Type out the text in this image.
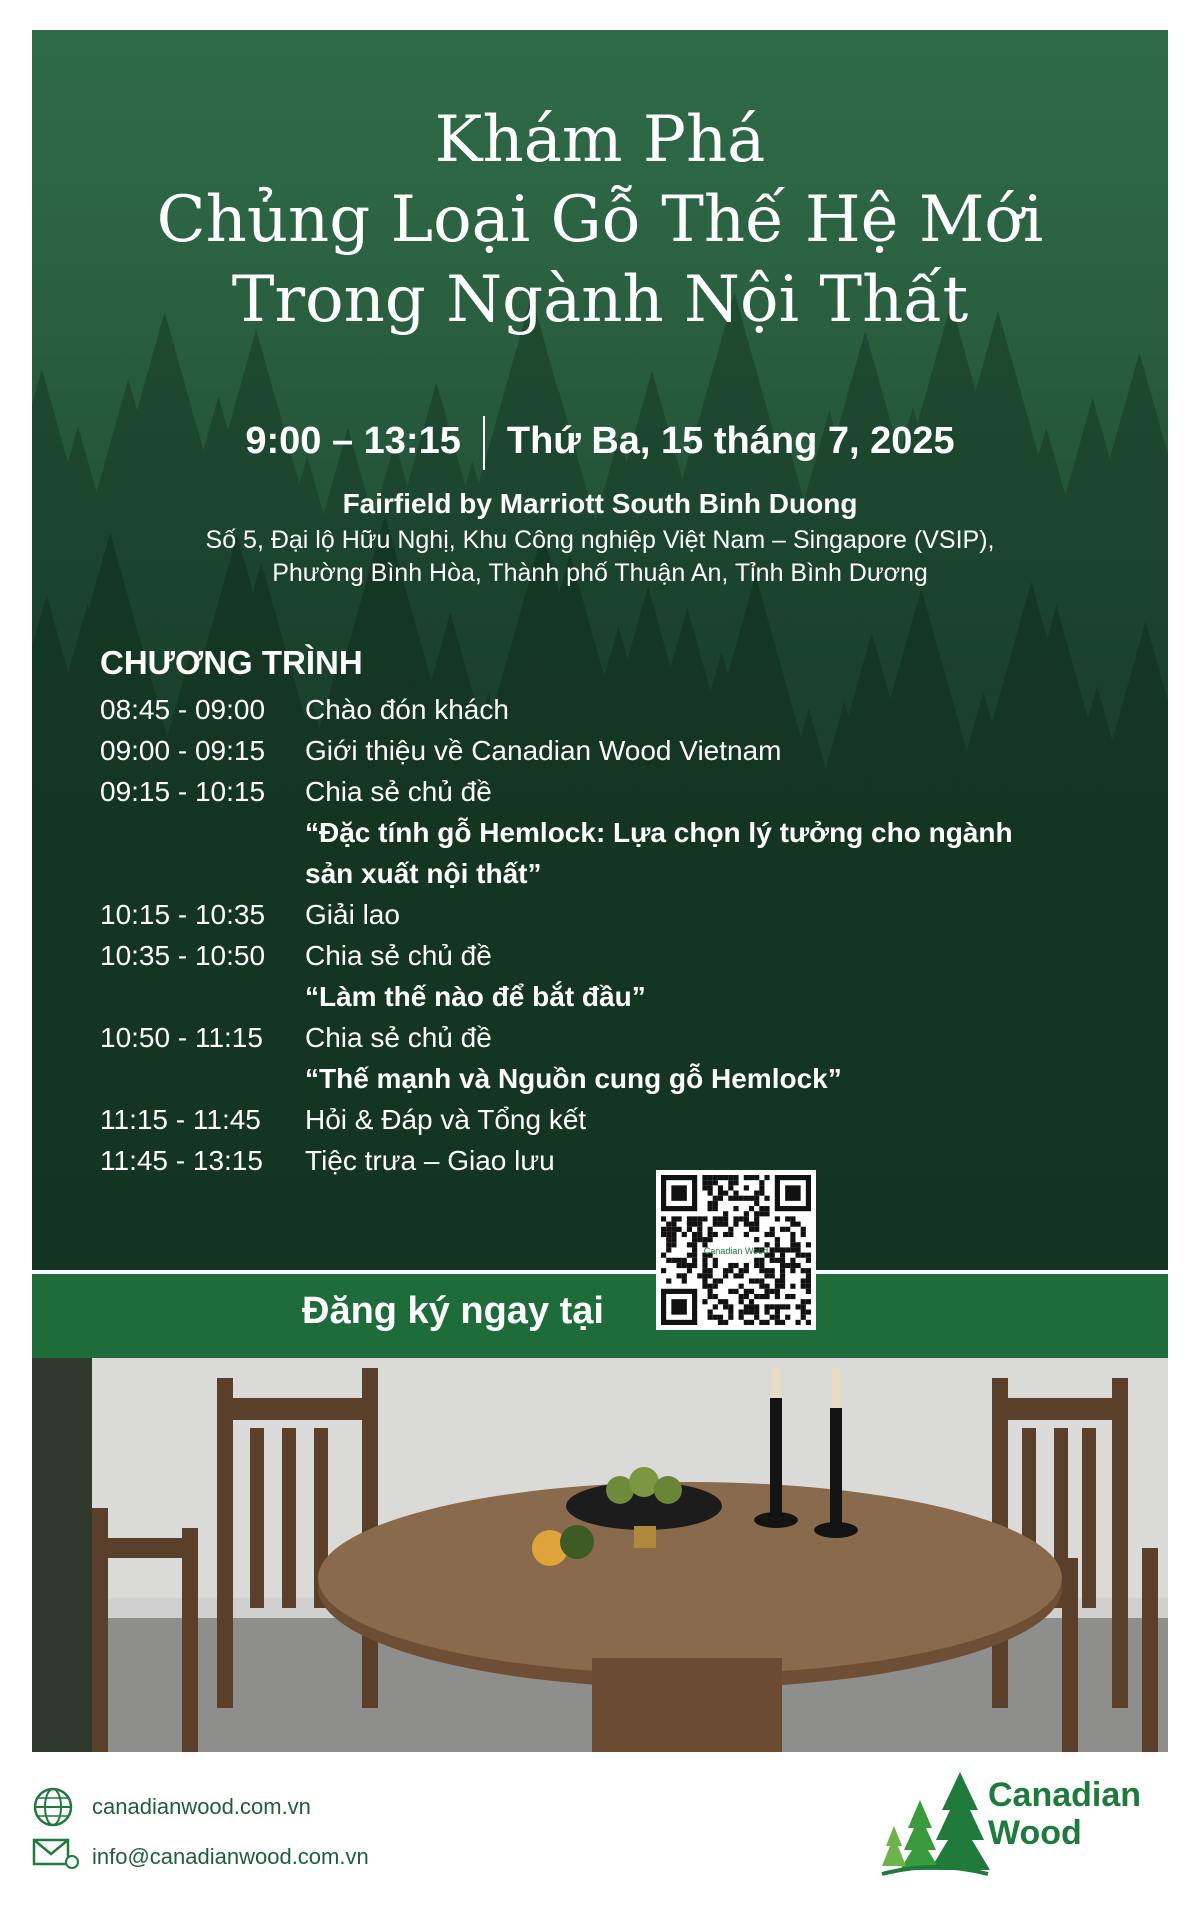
Khám Phá
Chủng Loại Gỗ Thế Hệ Mới
Trong Ngành Nội Thất
9:00 – 13:15 Thứ Ba, 15 tháng 7, 2025
Fairfield by Marriott South Binh Duong
Số 5, Đại lộ Hữu Nghị, Khu Công nghiệp Việt Nam – Singapore (VSIP),
Phường Bình Hòa, Thành phố Thuận An, Tỉnh Bình Dương
CHƯƠNG TRÌNH
08:45 - 09:00 Chào đón khách
09:00 - 09:15 Giới thiệu về Canadian Wood Vietnam
09:15 - 10:15 Chia sẻ chủ đề
“Đặc tính gỗ Hemlock: Lựa chọn lý tưởng cho ngành
sản xuất nội thất”
10:15 - 10:35 Giải lao
10:35 - 10:50 Chia sẻ chủ đề
“Làm thế nào để bắt đầu”
10:50 - 11:15 Chia sẻ chủ đề
“Thế mạnh và Nguồn cung gỗ Hemlock”
11:15 - 11:45 Hỏi & Đáp và Tổng kết
11:45 - 13:15 Tiệc trưa – Giao lưu
Đăng ký ngay tại
Canadian Wood
canadianwood.com.vn
info@canadianwood.com.vn
Canadian
Wood
